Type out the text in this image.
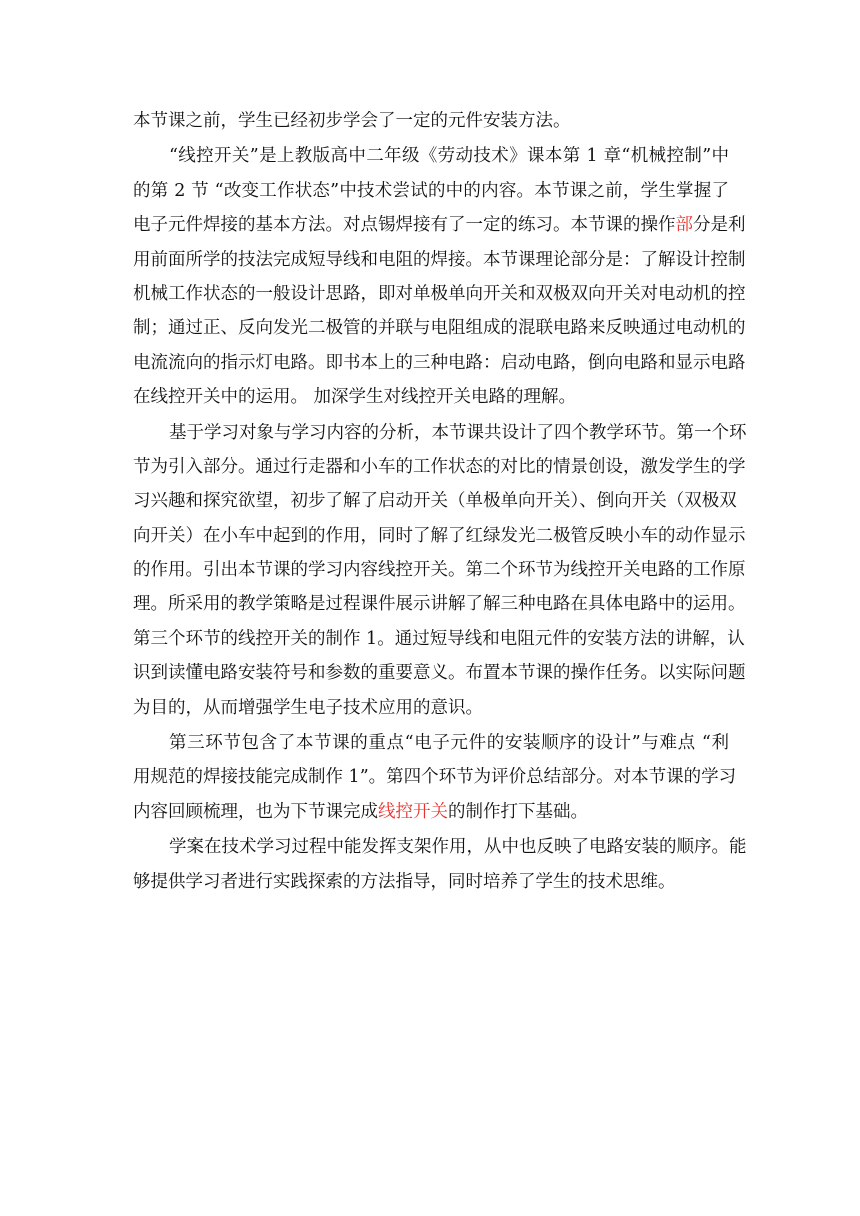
本节课之前，学生已经初步学会了一定的元件安装方法。
“线控开关”是上教版高中二年级《劳动技术》课本第 1 章“机械控制”中
的第 2 节 “改变工作状态”中技术尝试的中的内容。本节课之前，学生掌握了
电子元件焊接的基本方法。对点锡焊接有了一定的练习。本节课的操作部分是利
用前面所学的技法完成短导线和电阻的焊接。本节课理论部分是：了解设计控制
机械工作状态的一般设计思路，即对单极单向开关和双极双向开关对电动机的控
制；通过正、反向发光二极管的并联与电阻组成的混联电路来反映通过电动机的
电流流向的指示灯电路。即书本上的三种电路：启动电路，倒向电路和显示电路
在线控开关中的运用。 加深学生对线控开关电路的理解。
基于学习对象与学习内容的分析，本节课共设计了四个教学环节。第一个环
节为引入部分。通过行走器和小车的工作状态的对比的情景创设，激发学生的学
习兴趣和探究欲望，初步了解了启动开关（单极单向开关）、倒向开关（双极双
向开关）在小车中起到的作用，同时了解了红绿发光二极管反映小车的动作显示
的作用。引出本节课的学习内容线控开关。第二个环节为线控开关电路的工作原
理。所采用的教学策略是过程课件展示讲解了解三种电路在具体电路中的运用。
第三个环节的线控开关的制作 1。通过短导线和电阻元件的安装方法的讲解，认
识到读懂电路安装符号和参数的重要意义。布置本节课的操作任务。以实际问题
为目的，从而增强学生电子技术应用的意识。
第三环节包含了本节课的重点“电子元件的安装顺序的设计”与难点 “利
用规范的焊接技能完成制作 1”。第四个环节为评价总结部分。对本节课的学习
内容回顾梳理，也为下节课完成线控开关的制作打下基础。
学案在技术学习过程中能发挥支架作用，从中也反映了电路安装的顺序。能
够提供学习者进行实践探索的方法指导，同时培养了学生的技术思维。
